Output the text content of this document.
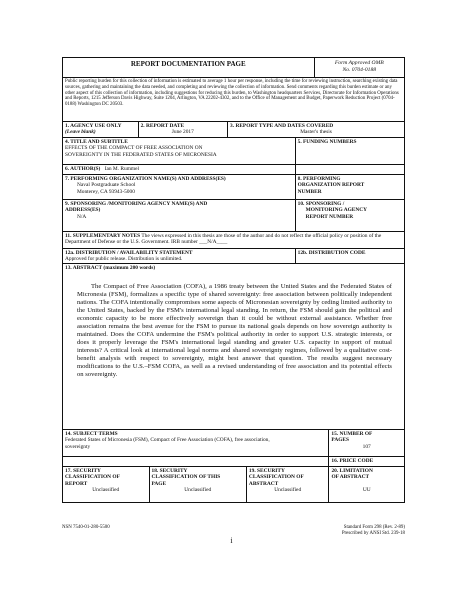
REPORT DOCUMENTATION PAGE	Form Approved OMB
No. 0704-0188
Public reporting burden for this collection of information is estimated to average 1 hour per response, including the time for reviewing instruction, searching existing data sources, gathering and maintaining the data needed, and completing and reviewing the collection of information. Send comments regarding this burden estimate or any other aspect of this collection of information, including suggestions for reducing this burden, to Washington headquarters Services, Directorate for Information Operations and Reports, 1215 Jefferson Davis Highway, Suite 1204, Arlington, VA 22202-4302, and to the Office of Management and Budget, Paperwork Reduction Project (0704-0188) Washington DC 20503.
1. AGENCY USE ONLY
(Leave blank)
2. REPORT DATE
June 2017
3. REPORT TYPE AND DATES COVERED
Master's thesis
4. TITLE AND SUBTITLE
EFFECTS OF THE COMPACT OF FREE ASSOCIATION ON
SOVEREIGNTY IN THE FEDERATED STATES OF MICRONESIA
5. FUNDING NUMBERS
6. AUTHOR(S) Ian M. Rummel
7. PERFORMING ORGANIZATION NAME(S) AND ADDRESS(ES)
Naval Postgraduate School
Monterey, CA 93943-5000
8. PERFORMING
ORGANIZATION REPORT
NUMBER
9. SPONSORING /MONITORING AGENCY NAME(S) AND
ADDRESS(ES)
N/A
10. SPONSORING /
MONITORING AGENCY
REPORT NUMBER
11. SUPPLEMENTARY NOTES The views expressed in this thesis are those of the author and do not reflect the official policy or position of the Department of Defense or the U.S. Government. IRB number ___N/A____
12a. DISTRIBUTION / AVAILABILITY STATEMENT
Approved for public release. Distribution is unlimited.
12b. DISTRIBUTION CODE
13. ABSTRACT (maximum 200 words)

The Compact of Free Association (COFA), a 1986 treaty between the United States and the Federated States of Micronesia (FSM), formalizes a specific type of shared sovereignty: free association between politically independent nations. The COFA intentionally compromises some aspects of Micronesian sovereignty by ceding limited authority to the United States, backed by the FSM's international legal standing. In return, the FSM should gain the political and economic capacity to be more effectively sovereign than it could be without external assistance. Whether free association remains the best avenue for the FSM to pursue its national goals depends on how sovereign authority is maintained. Does the COFA undermine the FSM's political authority in order to support U.S. strategic interests, or does it properly leverage the FSM's international legal standing and greater U.S. capacity in support of mutual interests? A critical look at international legal norms and shared sovereignty regimes, followed by a qualitative cost-benefit analysis with respect to sovereignty, might best answer that question. The results suggest necessary modifications to the U.S.–FSM COFA, as well as a revised understanding of free association and its potential effects on sovereignty.

14. SUBJECT TERMS
Federated States of Micronesia (FSM), Compact of Free Association (COFA), free association,
sovereignty
15. NUMBER OF
PAGES
107
16. PRICE CODE
17. SECURITY
CLASSIFICATION OF
REPORT
Unclassified
18. SECURITY
CLASSIFICATION OF THIS
PAGE
Unclassified
19. SECURITY
CLASSIFICATION OF
ABSTRACT
Unclassified
20. LIMITATION
OF ABSTRACT
UU
NSN 7540-01-280-5500	Standard Form 298 (Rev. 2-89)
Prescribed by ANSI Std. 239-18
i
